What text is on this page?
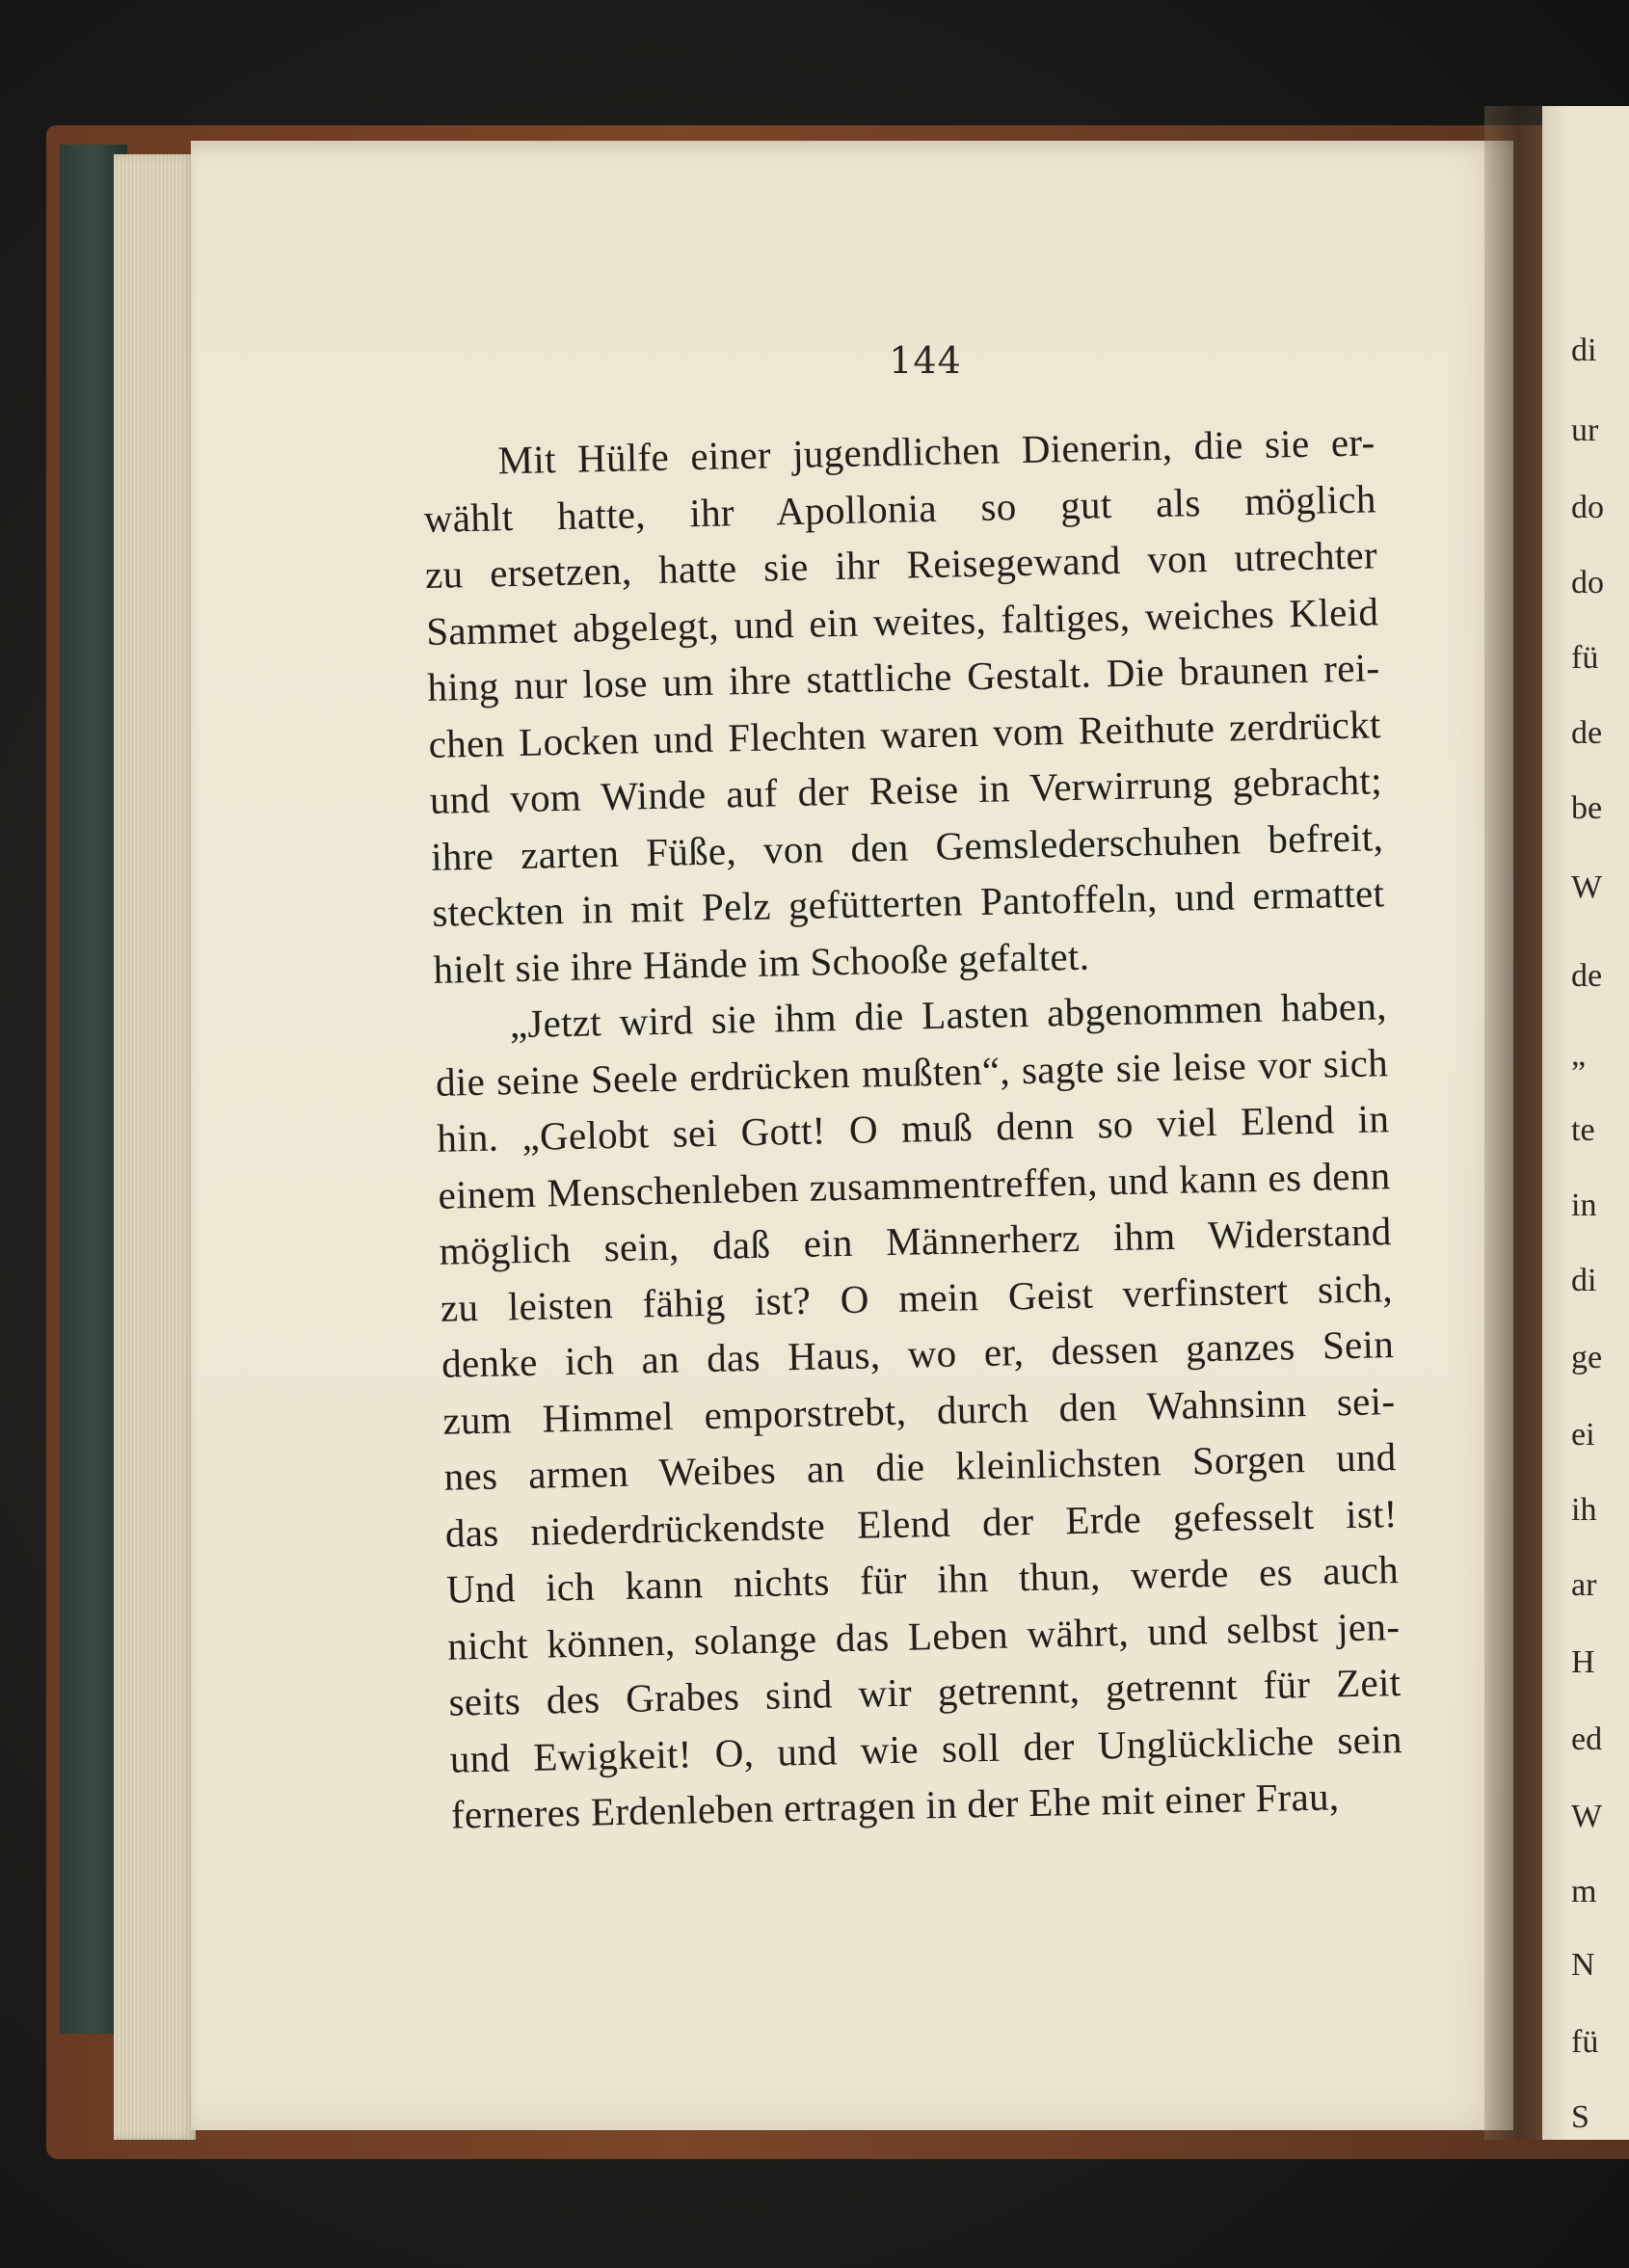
di
ur
do
do
fü
de
be
W
de
„
te
in
di
ge
ei
ih
ar
H
ed
W
m
N
fü
S
144
Mit Hülfe einer jugendlichen Dienerin, die sie er-
wählt hatte, ihr Apollonia so gut als möglich
zu ersetzen, hatte sie ihr Reisegewand von utrechter
Sammet abgelegt, und ein weites, faltiges, weiches Kleid
hing nur lose um ihre stattliche Gestalt. Die braunen rei-
chen Locken und Flechten waren vom Reithute zerdrückt
und vom Winde auf der Reise in Verwirrung gebracht;
ihre zarten Füße, von den Gemslederschuhen befreit,
steckten in mit Pelz gefütterten Pantoffeln, und ermattet
hielt sie ihre Hände im Schooße gefaltet.
„Jetzt wird sie ihm die Lasten abgenommen haben,
die seine Seele erdrücken mußten“, sagte sie leise vor sich
hin. „Gelobt sei Gott! O muß denn so viel Elend in
einem Menschenleben zusammentreffen, und kann es denn
möglich sein, daß ein Männerherz ihm Widerstand
zu leisten fähig ist? O mein Geist verfinstert sich,
denke ich an das Haus, wo er, dessen ganzes Sein
zum Himmel emporstrebt, durch den Wahnsinn sei-
nes armen Weibes an die kleinlichsten Sorgen und
das niederdrückendste Elend der Erde gefesselt ist!
Und ich kann nichts für ihn thun, werde es auch
nicht können, solange das Leben währt, und selbst jen-
seits des Grabes sind wir getrennt, getrennt für Zeit
und Ewigkeit! O, und wie soll der Unglückliche sein
ferneres Erdenleben ertragen in der Ehe mit einer Frau,
